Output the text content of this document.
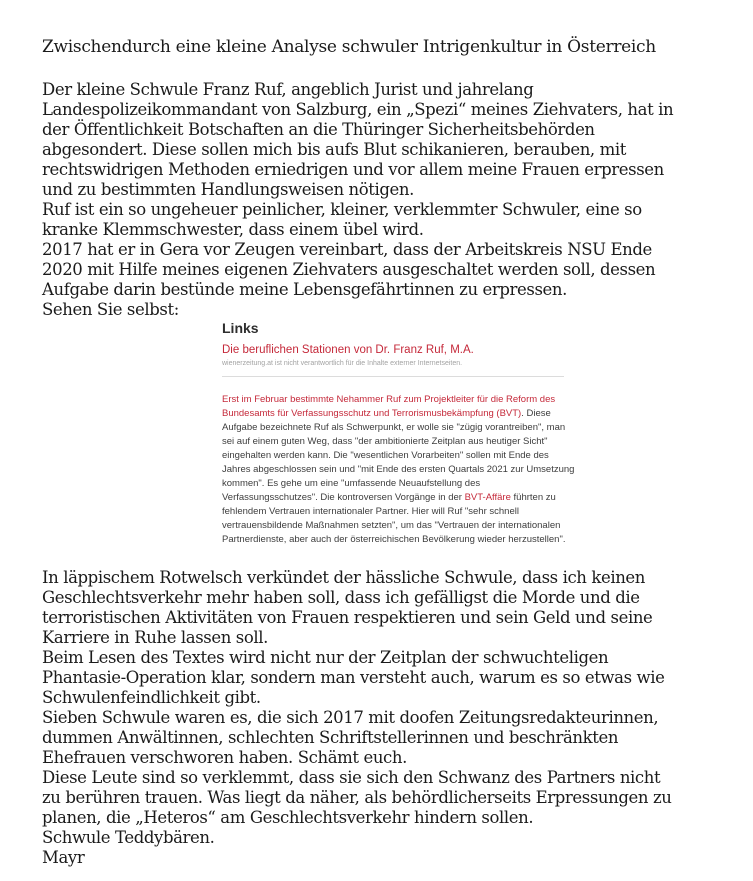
Zwischendurch eine kleine Analyse schwuler Intrigenkultur in Österreich
Der kleine Schwule Franz Ruf, angeblich Jurist und jahrelang
Landespolizeikommandant von Salzburg, ein „Spezi“ meines Ziehvaters, hat in
der Öffentlichkeit Botschaften an die Thüringer Sicherheitsbehörden
abgesondert. Diese sollen mich bis aufs Blut schikanieren, berauben, mit
rechtswidrigen Methoden erniedrigen und vor allem meine Frauen erpressen
und zu bestimmten Handlungsweisen nötigen.
Ruf ist ein so ungeheuer peinlicher, kleiner, verklemmter Schwuler, eine so
kranke Klemmschwester, dass einem übel wird.
2017 hat er in Gera vor Zeugen vereinbart, dass der Arbeitskreis NSU Ende
2020 mit Hilfe meines eigenen Ziehvaters ausgeschaltet werden soll, dessen
Aufgabe darin bestünde meine Lebensgefährtinnen zu erpressen.
Sehen Sie selbst:
Links
Die beruflichen Stationen von Dr. Franz Ruf, M.A.
wienerzeitung.at ist nicht verantwortlich für die Inhalte externer Internetseiten.

Erst im Februar bestimmte Nehammer Ruf zum Projektleiter für die Reform des Bundesamts für Verfassungsschutz und Terrorismusbekämpfung (BVT). Diese Aufgabe bezeichnete Ruf als Schwerpunkt, er wolle sie "zügig vorantreiben", man sei auf einem guten Weg, dass "der ambitionierte Zeitplan aus heutiger Sicht" eingehalten werden kann. Die "wesentlichen Vorarbeiten" sollen mit Ende des Jahres abgeschlossen sein und "mit Ende des ersten Quartals 2021 zur Umsetzung kommen". Es gehe um eine "umfassende Neuaufstellung des Verfassungsschutzes". Die kontroversen Vorgänge in der BVT-Affäre führten zu fehlendem Vertrauen internationaler Partner. Hier will Ruf "sehr schnell vertrauensbildende Maßnahmen setzten", um das "Vertrauen der internationalen Partnerdienste, aber auch der österreichischen Bevölkerung wieder herzustellen".

In läppischem Rotwelsch verkündet der hässliche Schwule, dass ich keinen
Geschlechtsverkehr mehr haben soll, dass ich gefälligst die Morde und die
terroristischen Aktivitäten von Frauen respektieren und sein Geld und seine
Karriere in Ruhe lassen soll.
Beim Lesen des Textes wird nicht nur der Zeitplan der schwuchteligen
Phantasie-Operation klar, sondern man versteht auch, warum es so etwas wie
Schwulenfeindlichkeit gibt.
Sieben Schwule waren es, die sich 2017 mit doofen Zeitungsredakteurinnen,
dummen Anwältinnen, schlechten Schriftstellerinnen und beschränkten
Ehefrauen verschworen haben. Schämt euch.
Diese Leute sind so verklemmt, dass sie sich den Schwanz des Partners nicht
zu berühren trauen. Was liegt da näher, als behördlicherseits Erpressungen zu
planen, die „Heteros“ am Geschlechtsverkehr hindern sollen.
Schwule Teddybären.
Mayr
